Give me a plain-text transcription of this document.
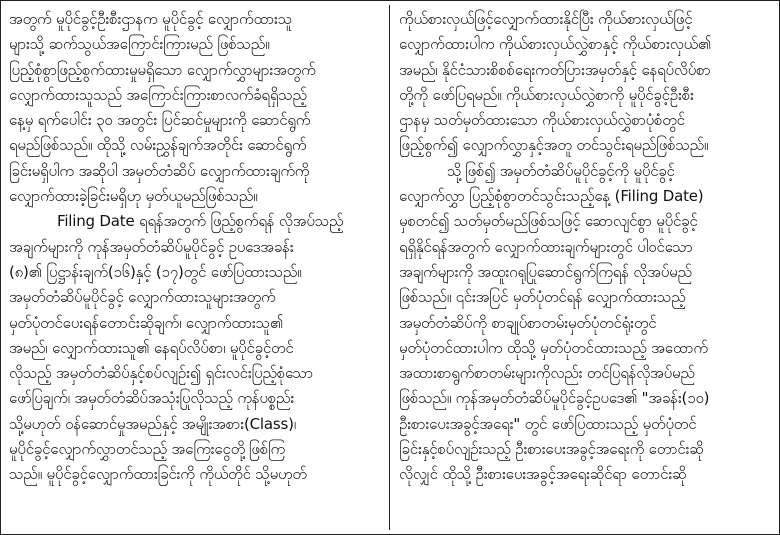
အတွက် မူပိုင်ခွင့်ဦးစီးဌာနက မူပိုင်ခွင့် လျှောက်ထားသူ
များသို့ ဆက်သွယ်အကြောင်းကြားမည် ဖြစ်သည်။
ပြည့်စုံစွာဖြည့်စွက်ထားမှုမရှိသော လျှောက်လွှာများအတွက်
လျှောက်ထားသူသည် အကြောင်းကြားစာလက်ခံရရှိသည့်
နေ့မှ ရက်ပေါင်း ၃၀ အတွင်း ပြင်ဆင်မှုများကို ဆောင်ရွက်
ရမည်ဖြစ်သည်။ ထိုသို့ လမ်းညွှန်ချက်အတိုင်း ဆောင်ရွက်
ခြင်းမရှိပါက အဆိုပါ အမှတ်တံဆိပ် လျှောက်ထားချက်ကို
လျှောက်ထားခဲ့ခြင်းမရှိဟု မှတ်ယူမည်ဖြစ်သည်။
Filing Date ရရန်အတွက် ဖြည့်စွက်ရန် လိုအပ်သည့်
အချက်များကို ကုန်အမှတ်တံဆိပ်မူပိုင်ခွင့် ဥပဒေအခန်း
(၈)၏ ပြဋ္ဌာန်းချက်(၁၆)နှင့် (၁၇)တွင် ဖော်ပြထားသည်။
အမှတ်တံဆိပ်မူပိုင်ခွင့် လျှောက်ထားသူများအတွက်
မှတ်ပုံတင်ပေးရန်တောင်းဆိုချက်၊ လျှောက်ထားသူ၏
အမည်၊ လျှောက်ထားသူ၏ နေရပ်လိပ်စာ၊ မူပိုင်ခွင့်တင်
လိုသည့် အမှတ်တံဆိပ်နှင့်စပ်လျဉ်း၍ ရှင်းလင်းပြည့်စုံသော
ဖော်ပြချက်၊ အမှတ်တံဆိပ်အသုံးပြုလိုသည့် ကုန်ပစ္စည်း
သို့မဟုတ် ဝန်ဆောင်မှုအမည်နှင့် အမျိုးအစား(Class)၊
မူပိုင်ခွင့်လျှောက်လွှာတင်သည့် အကြေးငွေတို့ဖြစ်ကြ
သည်။ မူပိုင်ခွင့်လျှောက်ထားခြင်းကို ကိုယ်တိုင် သို့မဟုတ်
ကိုယ်စားလှယ်ဖြင့်လျှောက်ထားနိုင်ပြီး ကိုယ်စားလှယ်ဖြင့်
လျှောက်ထားပါက ကိုယ်စားလှယ်လွှဲစာနှင့် ကိုယ်စားလှယ်၏
အမည်၊ နိုင်ငံသားစိစစ်ရေးကတ်ပြားအမှတ်နှင့် နေရပ်လိပ်စာ
တို့ကို ဖော်ပြရမည်။ ကိုယ်စားလှယ်လွှဲစာကို မူပိုင်ခွင့်ဦးစီး
ဌာနမှ သတ်မှတ်ထားသော ကိုယ်စားလှယ်လွှဲစာပုံစံတွင်
ဖြည့်စွက်၍ လျှောက်လွှာနှင့်အတူ တင်သွင်းရမည်ဖြစ်သည်။
သို့ဖြစ်၍ အမှတ်တံဆိပ်မူပိုင်ခွင့်ကို မူပိုင်ခွင့်
လျှောက်လွှာ ပြည့်စုံစွာတင်သွင်းသည့်နေ့ (Filing Date)
မှစတင်၍ သတ်မှတ်မည်ဖြစ်သဖြင့် ဆောလျင်စွာ မူပိုင်ခွင့်
ရရှိနိုင်ရန်အတွက် လျှောက်ထားချက်များတွင် ပါဝင်သော
အချက်များကို အထူးဂရုပြုဆောင်ရွက်ကြရန် လိုအပ်မည်
ဖြစ်သည်။ ၎င်းအပြင် မှတ်ပုံတင်ရန် လျှောက်ထားသည့်
အမှတ်တံဆိပ်ကို စာချုပ်စာတမ်းမှတ်ပုံတင်ရုံးတွင်
မှတ်ပုံတင်ထားပါက ထိုသို့ မှတ်ပုံတင်ထားသည့် အထောက်
အထားစာရွက်စာတမ်းများကိုလည်း တင်ပြရန်လိုအပ်မည်
ဖြစ်သည်။ ကုန်အမှတ်တံဆိပ်မူပိုင်ခွင့်ဥပဒေ၏ "အခန်း(၁၀)
ဦးစားပေးအခွင့်အရေး" တွင် ဖော်ပြထားသည့် မှတ်ပုံတင်
ခြင်းနှင့်စပ်လျဉ်းသည့် ဦးစားပေးအခွင့်အရေးကို တောင်းဆို
လိုလျှင် ထိုသို့ ဦးစားပေးအခွင့်အရေးဆိုင်ရာ တောင်းဆို
